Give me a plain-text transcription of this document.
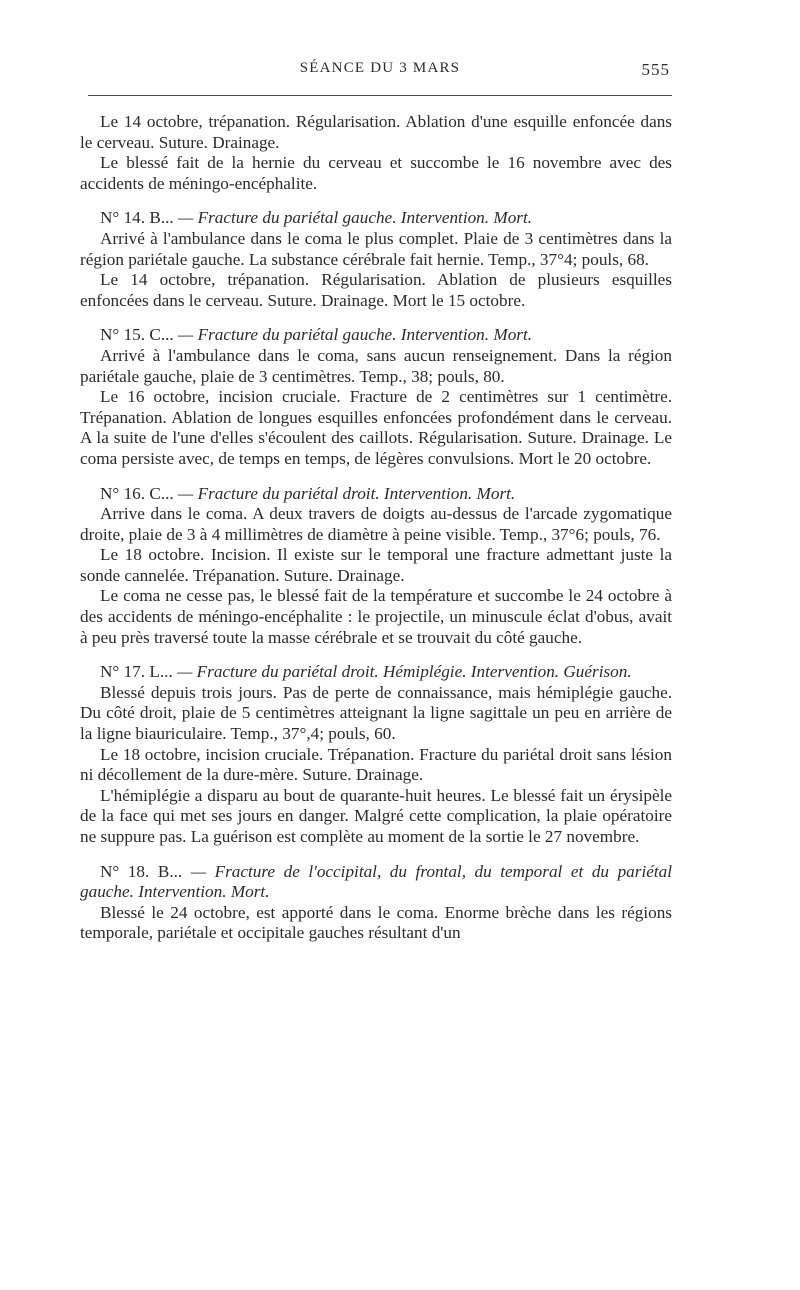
SÉANCE DU 3 MARS	555

Le 14 octobre, trépanation. Régularisation. Ablation d'une esquille enfoncée dans le cerveau. Suture. Drainage.

Le blessé fait de la hernie du cerveau et succombe le 16 novembre avec des accidents de méningo-encéphalite.

N° 14. B... — Fracture du pariétal gauche. Intervention. Mort.

Arrivé à l'ambulance dans le coma le plus complet. Plaie de 3 centimètres dans la région pariétale gauche. La substance cérébrale fait hernie. Temp., 37°4; pouls, 68.

Le 14 octobre, trépanation. Régularisation. Ablation de plusieurs esquilles enfoncées dans le cerveau. Suture. Drainage. Mort le 15 octobre.

N° 15. C... — Fracture du pariétal gauche. Intervention. Mort.

Arrivé à l'ambulance dans le coma, sans aucun renseignement. Dans la région pariétale gauche, plaie de 3 centimètres. Temp., 38; pouls, 80.

Le 16 octobre, incision cruciale. Fracture de 2 centimètres sur 1 centimètre. Trépanation. Ablation de longues esquilles enfoncées profondément dans le cerveau. A la suite de l'une d'elles s'écoulent des caillots. Régularisation. Suture. Drainage. Le coma persiste avec, de temps en temps, de légères convulsions. Mort le 20 octobre.

N° 16. C... — Fracture du pariétal droit. Intervention. Mort.

Arrive dans le coma. A deux travers de doigts au-dessus de l'arcade zygomatique droite, plaie de 3 à 4 millimètres de diamètre à peine visible. Temp., 37°6; pouls, 76.

Le 18 octobre. Incision. Il existe sur le temporal une fracture admettant juste la sonde cannelée. Trépanation. Suture. Drainage.

Le coma ne cesse pas, le blessé fait de la température et succombe le 24 octobre à des accidents de méningo-encéphalite : le projectile, un minuscule éclat d'obus, avait à peu près traversé toute la masse cérébrale et se trouvait du côté gauche.

N° 17. L... — Fracture du pariétal droit. Hémiplégie. Intervention. Guérison.

Blessé depuis trois jours. Pas de perte de connaissance, mais hémiplégie gauche. Du côté droit, plaie de 5 centimètres atteignant la ligne sagittale un peu en arrière de la ligne biauriculaire. Temp., 37°,4; pouls, 60.

Le 18 octobre, incision cruciale. Trépanation. Fracture du pariétal droit sans lésion ni décollement de la dure-mère. Suture. Drainage.

L'hémiplégie a disparu au bout de quarante-huit heures. Le blessé fait un érysipèle de la face qui met ses jours en danger. Malgré cette complication, la plaie opératoire ne suppure pas. La guérison est complète au moment de la sortie le 27 novembre.

N° 18. B... — Fracture de l'occipital, du frontal, du temporal et du pariétal gauche. Intervention. Mort.

Blessé le 24 octobre, est apporté dans le coma. Enorme brèche dans les régions temporale, pariétale et occipitale gauches résultant d'un
